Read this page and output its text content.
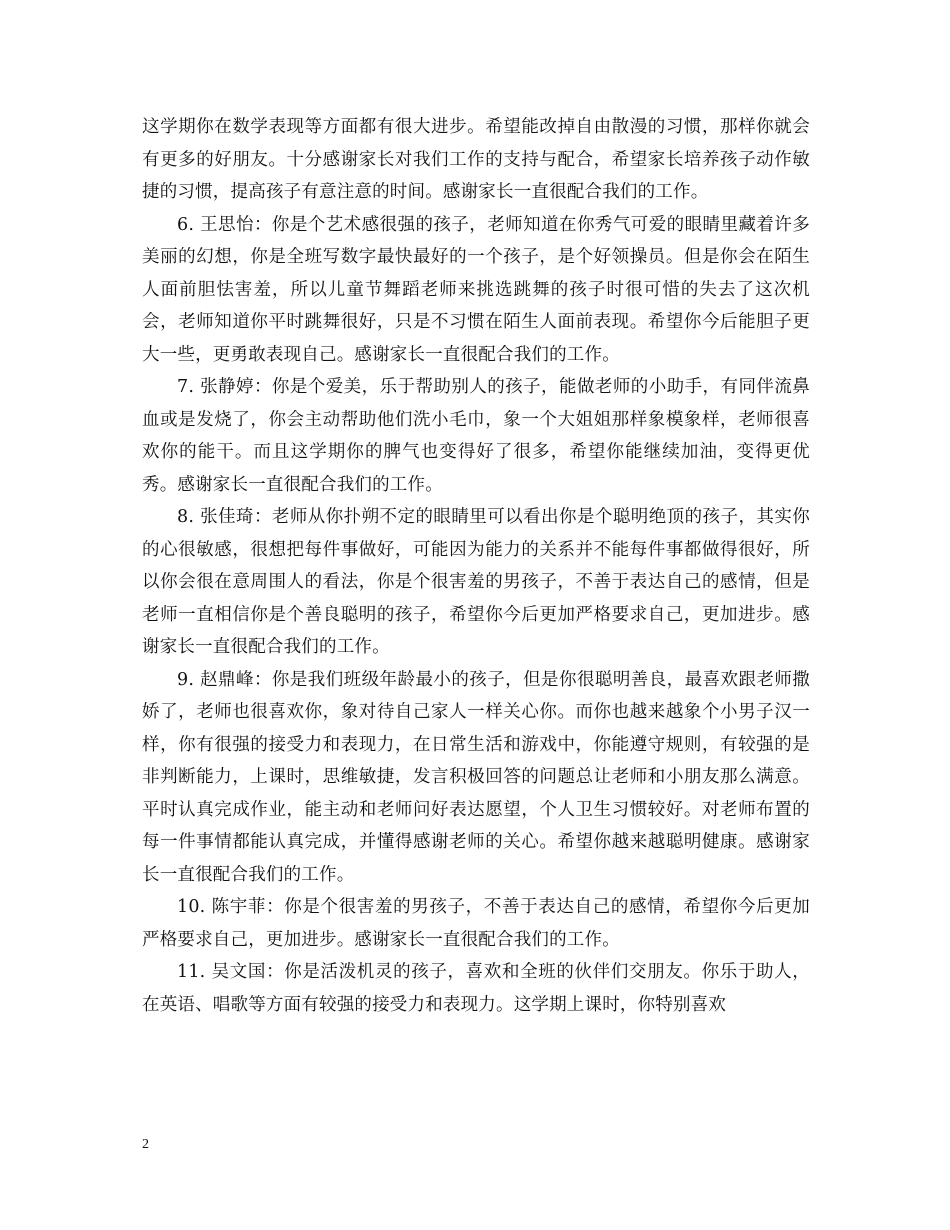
这学期你在数学表现等方面都有很大进步。希望能改掉自由散漫的习惯，那样你就会有更多的好朋友。十分感谢家长对我们工作的支持与配合，希望家长培养孩子动作敏捷的习惯，提高孩子有意注意的时间。感谢家长一直很配合我们的工作。

6. 王思怡：你是个艺术感很强的孩子，老师知道在你秀气可爱的眼睛里藏着许多美丽的幻想，你是全班写数字最快最好的一个孩子，是个好领操员。但是你会在陌生人面前胆怯害羞，所以儿童节舞蹈老师来挑选跳舞的孩子时很可惜的失去了这次机会，老师知道你平时跳舞很好，只是不习惯在陌生人面前表现。希望你今后能胆子更大一些，更勇敢表现自己。感谢家长一直很配合我们的工作。

7. 张静婷：你是个爱美，乐于帮助别人的孩子，能做老师的小助手，有同伴流鼻血或是发烧了，你会主动帮助他们洗小毛巾，象一个大姐姐那样象模象样，老师很喜欢你的能干。而且这学期你的脾气也变得好了很多，希望你能继续加油，变得更优秀。感谢家长一直很配合我们的工作。

8. 张佳琦：老师从你扑朔不定的眼睛里可以看出你是个聪明绝顶的孩子，其实你的心很敏感，很想把每件事做好，可能因为能力的关系并不能每件事都做得很好，所以你会很在意周围人的看法，你是个很害羞的男孩子，不善于表达自己的感情，但是老师一直相信你是个善良聪明的孩子，希望你今后更加严格要求自己，更加进步。感谢家长一直很配合我们的工作。

9. 赵鼎峰：你是我们班级年龄最小的孩子，但是你很聪明善良，最喜欢跟老师撒娇了，老师也很喜欢你，象对待自己家人一样关心你。而你也越来越象个小男子汉一样，你有很强的接受力和表现力，在日常生活和游戏中，你能遵守规则，有较强的是非判断能力，上课时，思维敏捷，发言积极回答的问题总让老师和小朋友那么满意。平时认真完成作业，能主动和老师问好表达愿望，个人卫生习惯较好。对老师布置的每一件事情都能认真完成，并懂得感谢老师的关心。希望你越来越聪明健康。感谢家长一直很配合我们的工作。

10. 陈宇菲：你是个很害羞的男孩子，不善于表达自己的感情，希望你今后更加严格要求自己，更加进步。感谢家长一直很配合我们的工作。

11. 吴文国：你是活泼机灵的孩子，喜欢和全班的伙伴们交朋友。你乐于助人，在英语、唱歌等方面有较强的接受力和表现力。这学期上课时，你特别喜欢

2
